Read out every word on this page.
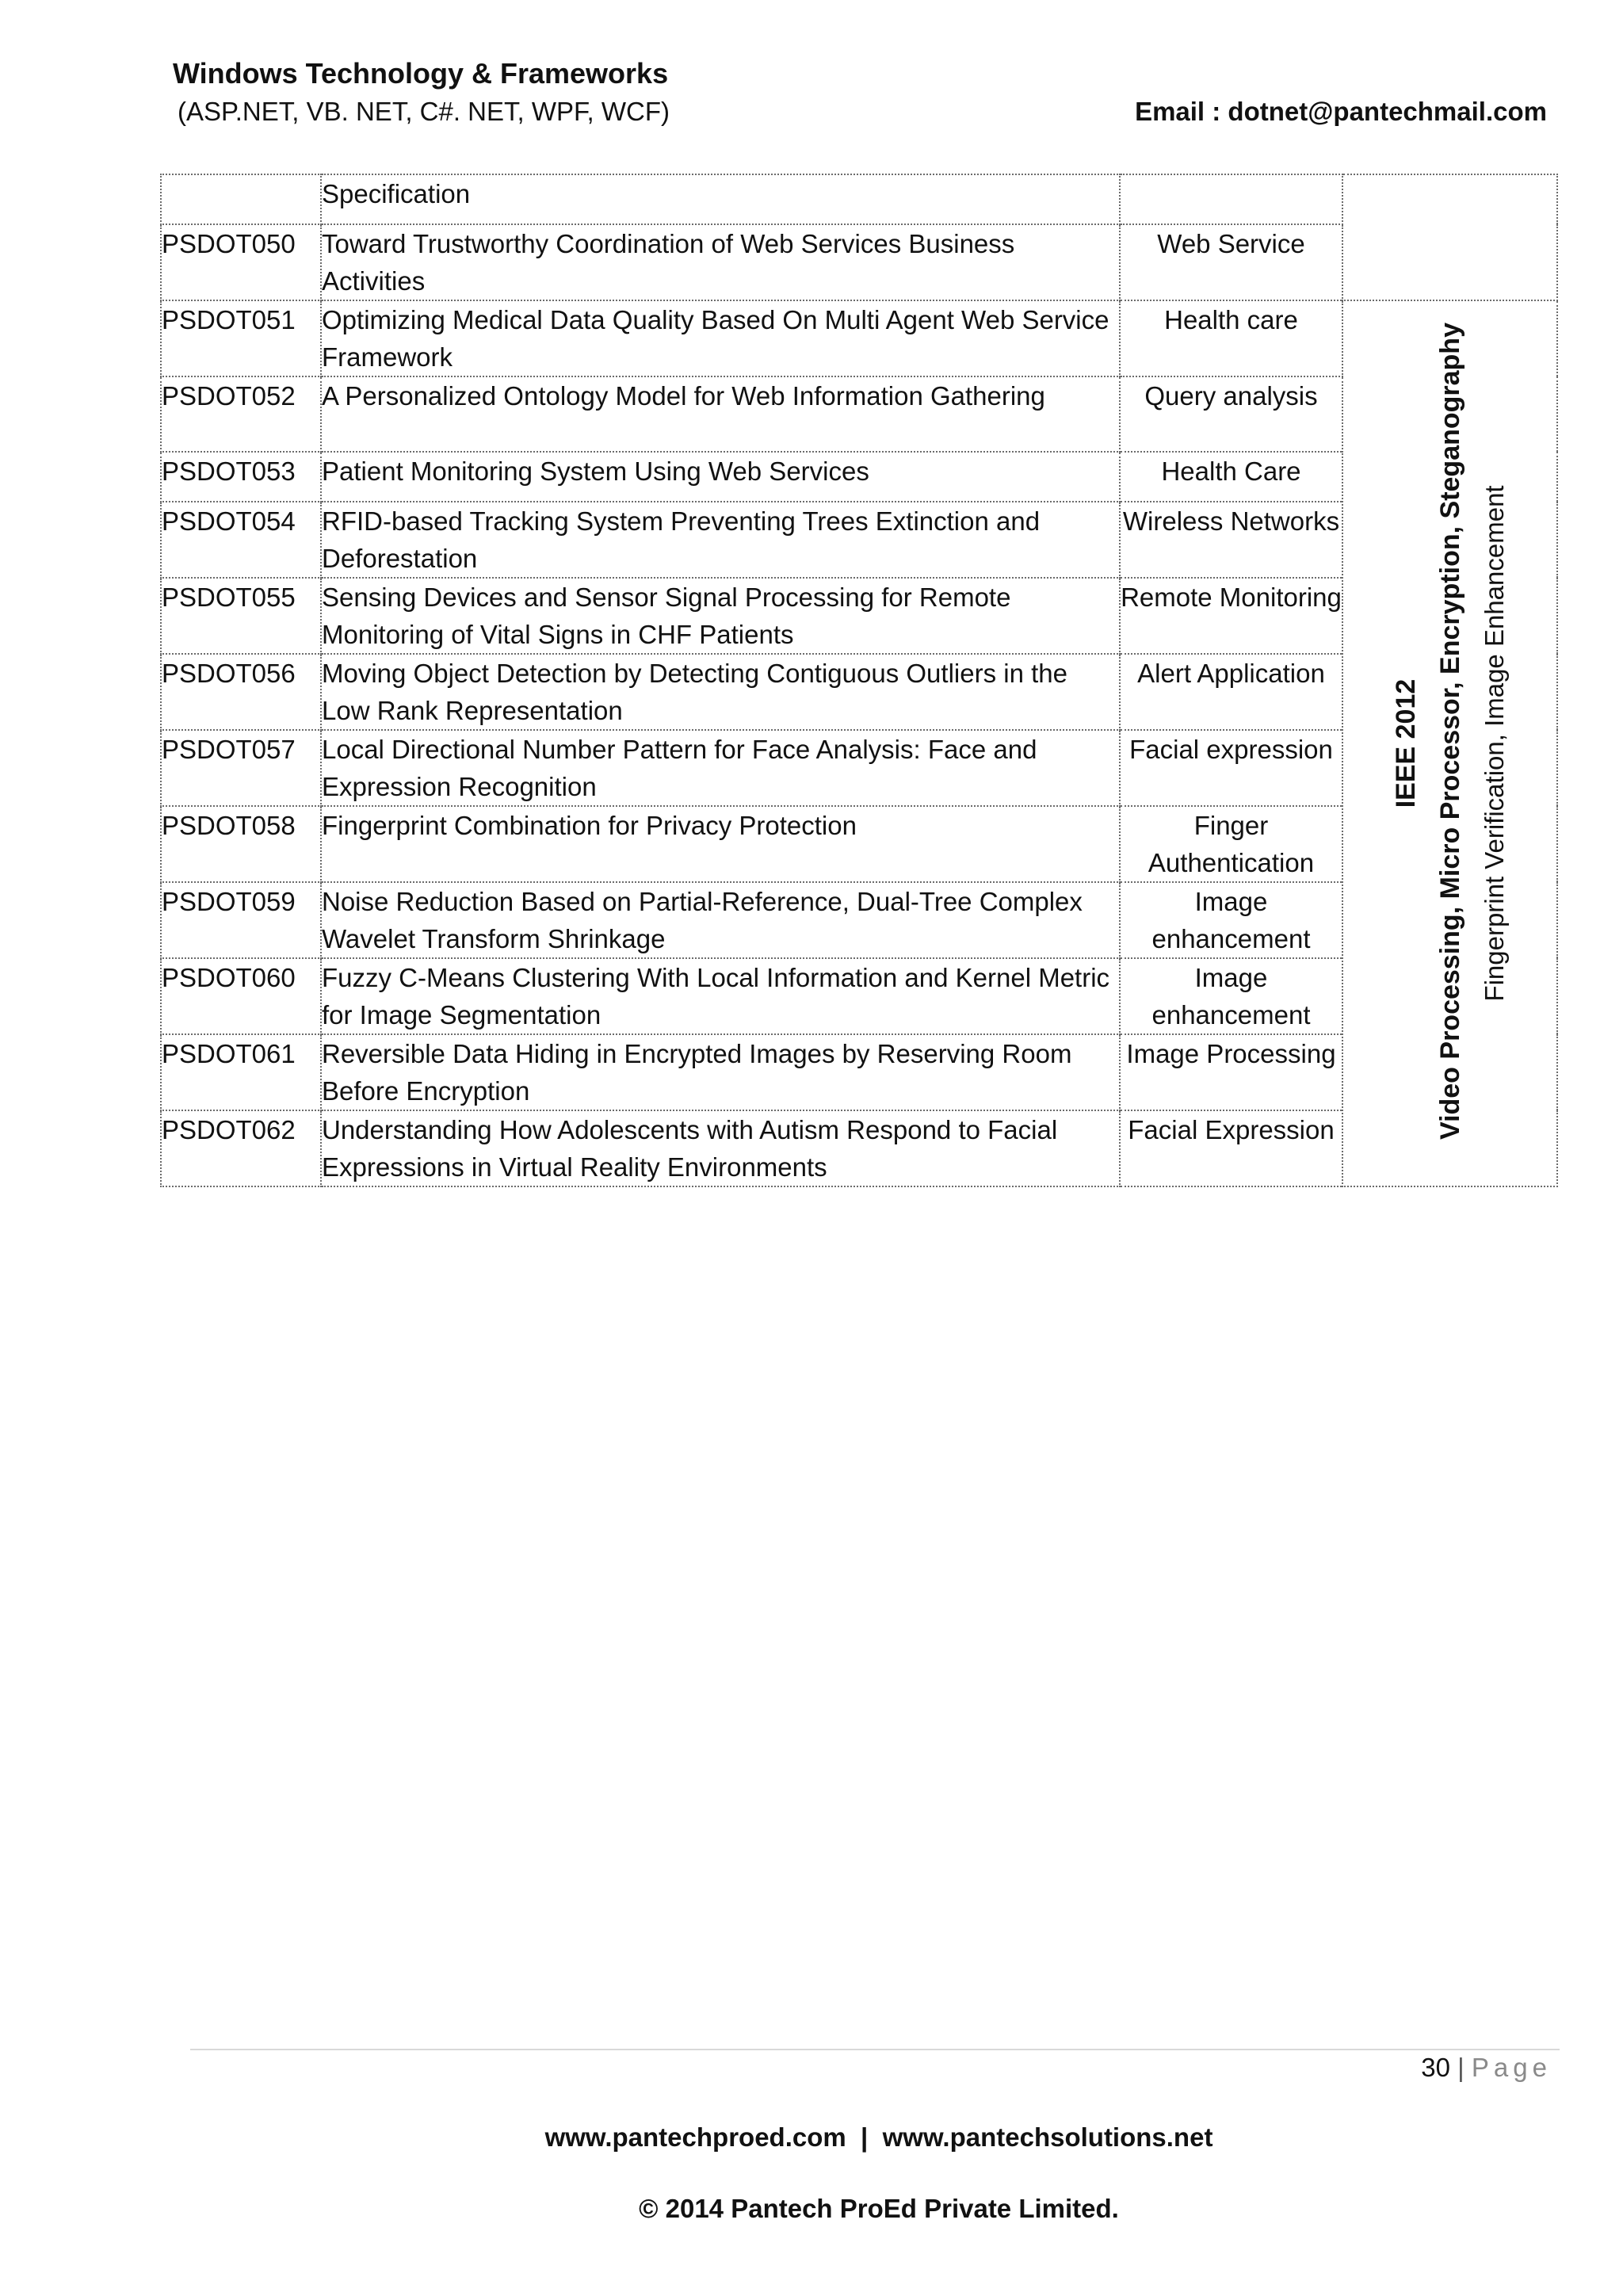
Windows Technology & Frameworks
(ASP.NET, VB. NET, C#. NET, WPF, WCF)	Email : dotnet@pantechmail.com
	Specification		
PSDOT050	Toward Trustworthy Coordination of Web Services Business Activities	Web Service	
PSDOT051	Optimizing Medical Data Quality Based On Multi Agent Web Service Framework	Health care	IEEE 2012 Video Processing, Micro Processor, Encryption, Steganography Fingerprint Verification, Image Enhancement

PSDOT052	A Personalized Ontology Model for Web Information Gathering	Query analysis	
PSDOT053	Patient Monitoring System Using Web Services	Health Care	
PSDOT054	RFID-based Tracking System Preventing Trees Extinction and Deforestation	Wireless Networks	
PSDOT055	Sensing Devices and Sensor Signal Processing for Remote Monitoring of Vital Signs in CHF Patients	Remote Monitoring	
PSDOT056	Moving Object Detection by Detecting Contiguous Outliers in the Low Rank Representation	Alert Application	
PSDOT057	Local Directional Number Pattern for Face Analysis: Face and Expression Recognition	Facial expression	
PSDOT058	Fingerprint Combination for Privacy Protection	Finger Authentication	
PSDOT059	Noise Reduction Based on Partial-Reference, Dual-Tree Complex Wavelet Transform Shrinkage	Image enhancement	
PSDOT060	Fuzzy C-Means Clustering With Local Information and Kernel Metric for Image Segmentation	Image enhancement	
PSDOT061	Reversible Data Hiding in Encrypted Images by Reserving Room Before Encryption	Image Processing	
PSDOT062	Understanding How Adolescents with Autism Respond to Facial Expressions in Virtual Reality Environments	Facial Expression	
30 | Page
www.pantechproed.com  |  www.pantechsolutions.net
© 2014 Pantech ProEd Private Limited.
